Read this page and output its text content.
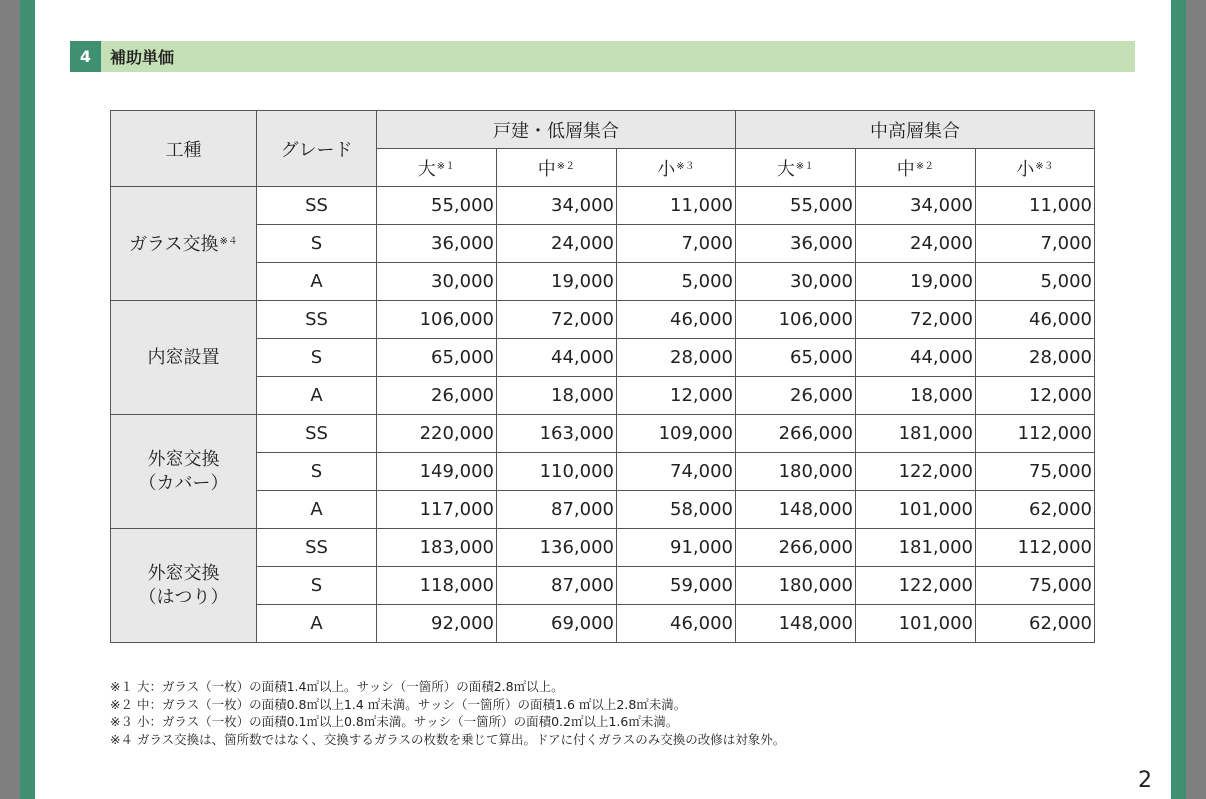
4	補助単価
工種	グレード	戸建・低層集合			中高層集合		
		大$^{※1}$	中$^{※2}$	小$^{※3}$	大$^{※1}$	中$^{※2}$	小$^{※3}$

ガラス交換$^{※4}$	SS	55,000	34,000	11,000	55,000	34,000	11,000
	S	36,000	24,000	7,000	36,000	24,000	7,000
	A	30,000	19,000	5,000	30,000	19,000	5,000

内窓設置	SS	106,000	72,000	46,000	106,000	72,000	46,000
	S	65,000	44,000	28,000	65,000	44,000	28,000
	A	26,000	18,000	12,000	26,000	18,000	12,000

外窓交換
（カバー）	SS	220,000	163,000	109,000	266,000	181,000	112,000
	S	149,000	110,000	74,000	180,000	122,000	75,000
	A	117,000	87,000	58,000	148,000	101,000	62,000

外窓交換
（はつり）	SS	183,000	136,000	91,000	266,000	181,000	112,000
	S	118,000	87,000	59,000	180,000	122,000	75,000
	A	92,000	69,000	46,000	148,000	101,000	62,000
※１ 大：ガラス（一枚）の面積1.4㎡以上。サッシ（一箇所）の面積2.8㎡以上。
※２ 中：ガラス（一枚）の面積0.8㎡以上1.4 ㎡未満。サッシ（一箇所）の面積1.6 ㎡以上2.8㎡未満。
※３ 小：ガラス（一枚）の面積0.1㎡以上0.8㎡未満。サッシ（一箇所）の面積0.2㎡以上1.6㎡未満。
※４ ガラス交換は、箇所数ではなく、交換するガラスの枚数を乗じて算出。ドアに付くガラスのみ交換の改修は対象外。
2
